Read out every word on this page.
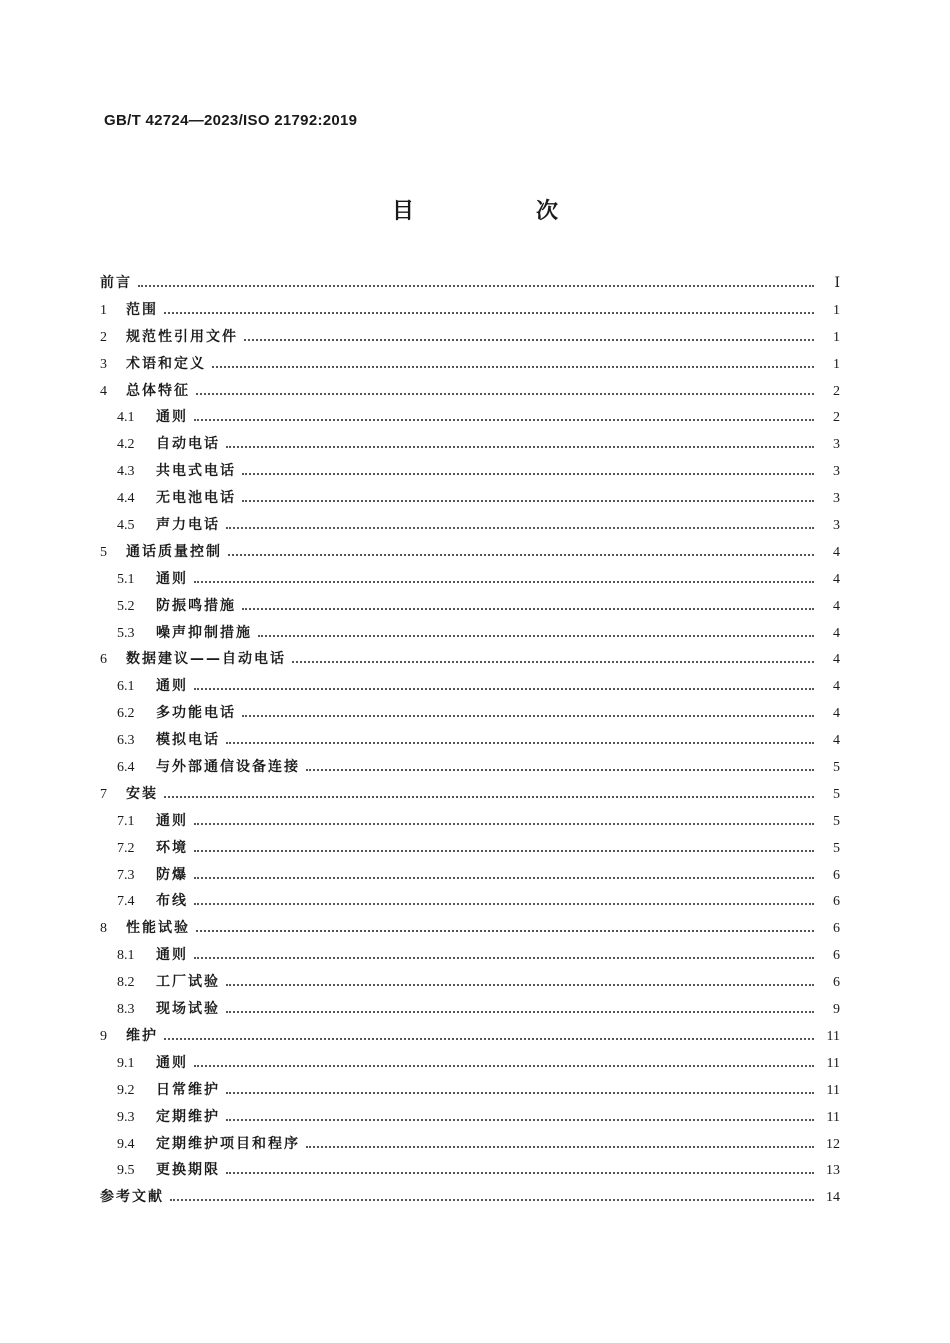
GB/T 42724—2023/ISO 21792:2019
目　次
前言	Ⅰ
1	范围	1
2	规范性引用文件	1
3	术语和定义	1
4	总体特征	2
4.1	通则	2
4.2	自动电话	3
4.3	共电式电话	3
4.4	无电池电话	3
4.5	声力电话	3
5	通话质量控制	4
5.1	通则	4
5.2	防振鸣措施	4
5.3	噪声抑制措施	4
6	数据建议——自动电话	4
6.1	通则	4
6.2	多功能电话	4
6.3	模拟电话	4
6.4	与外部通信设备连接	5
7	安装	5
7.1	通则	5
7.2	环境	5
7.3	防爆	6
7.4	布线	6
8	性能试验	6
8.1	通则	6
8.2	工厂试验	6
8.3	现场试验	9
9	维护	11
9.1	通则	11
9.2	日常维护	11
9.3	定期维护	11
9.4	定期维护项目和程序	12
9.5	更换期限	13
参考文献	14
